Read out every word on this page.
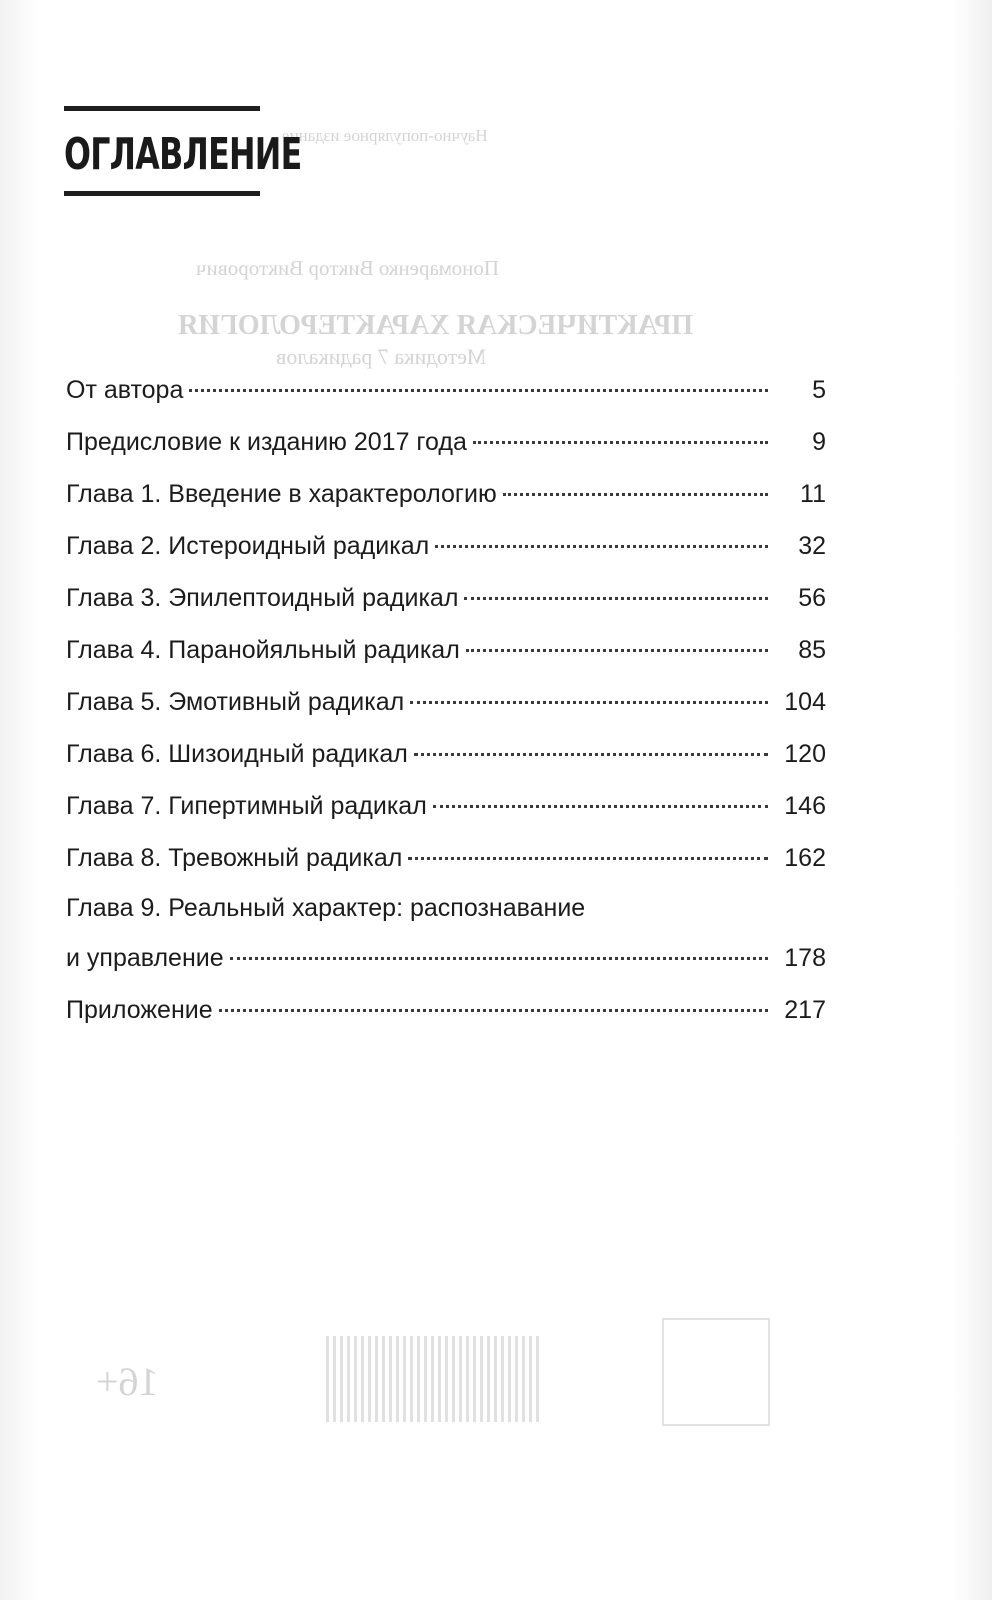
Научно-популярное издание
Пономаренко Виктор Викторович
ПРАКТИЧЕСКАЯ ХАРАКТЕРОЛОГИЯ
Методика 7 радикалов
16+
ОГЛАВЛЕНИЕ
От автора	5
Предисловие к изданию 2017 года	9
Глава 1. Введение в характерологию	11
Глава 2. Истероидный радикал	32
Глава 3. Эпилептоидный радикал	56
Глава 4. Паранойяльный радикал	85
Глава 5. Эмотивный радикал	104
Глава 6. Шизоидный радикал	120
Глава 7. Гипертимный радикал	146
Глава 8. Тревожный радикал	162
Глава 9. Реальный характер: распознавание
и управление	178
Приложение	217
